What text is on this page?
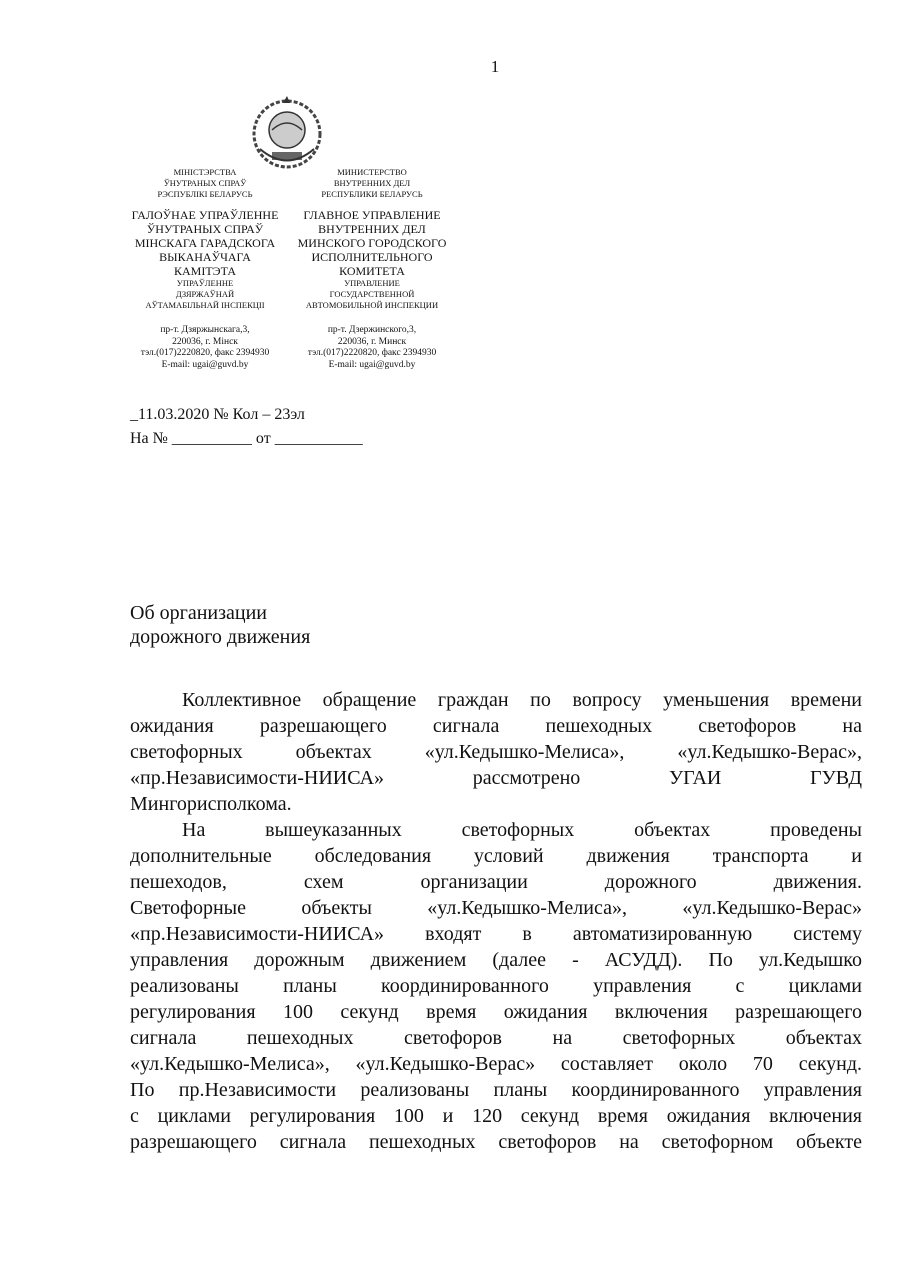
1
МІНІСТЭРСТВА
ЎНУТРАНЫХ СПРАЎ
РЭСПУБЛІКІ БЕЛАРУСЬ
ГАЛОЎНАЕ УПРАЎЛЕННЕ
ЎНУТРАНЫХ СПРАЎ
МІНСКАГА ГАРАДСКОГА
ВЫКАНАЎЧАГА
КАМІТЭТА
УПРАЎЛЕННЕ
ДЗЯРЖАЎНАЙ
АЎТАМАБІЛЬНАЙ ІНСПЕКЦІІ
пр-т. Дзяржынскага,3,
220036, г. Мінск
тэл.(017)2220820, факс 2394930
E-mail: ugai@guvd.by
МИНИСТЕРСТВО
ВНУТРЕННИХ ДЕЛ
РЕСПУБЛИКИ БЕЛАРУСЬ
ГЛАВНОЕ УПРАВЛЕНИЕ
ВНУТРЕННИХ ДЕЛ
МИНСКОГО ГОРОДСКОГО
ИСПОЛНИТЕЛЬНОГО
КОМИТЕТА
УПРАВЛЕНИЕ
ГОСУДАРСТВЕННОЙ
АВТОМОБИЛЬНОЙ ИНСПЕКЦИИ
пр-т. Дзержинского,3,
220036, г. Минск
тэл.(017)2220820, факс 2394930
E-mail: ugai@guvd.by
_11.03.2020 № Кол – 23эл
На № __________ от ___________
Об организации
дорожного движения
Коллективное обращение граждан по вопросу уменьшения времени
ожидания разрешающего сигнала пешеходных светофоров на
светофорных объектах «ул.Кедышко-Мелиса», «ул.Кедышко-Верас»,
«пр.Независимости-НИИСА» рассмотрено УГАИ ГУВД
Мингорисполкома.
На вышеуказанных светофорных объектах проведены
дополнительные обследования условий движения транспорта и
пешеходов, схем организации дорожного движения.
Светофорные объекты «ул.Кедышко-Мелиса», «ул.Кедышко-Верас»
«пр.Независимости-НИИСА» входят в автоматизированную систему
управления дорожным движением (далее - АСУДД). По ул.Кедышко
реализованы планы координированного управления с циклами
регулирования 100 секунд время ожидания включения разрешающего
сигнала пешеходных светофоров на светофорных объектах
«ул.Кедышко-Мелиса», «ул.Кедышко-Верас» составляет около 70 секунд.
По пр.Независимости реализованы планы координированного управления
с циклами регулирования 100 и 120 секунд время ожидания включения
разрешающего сигнала пешеходных светофоров на светофорном объекте
